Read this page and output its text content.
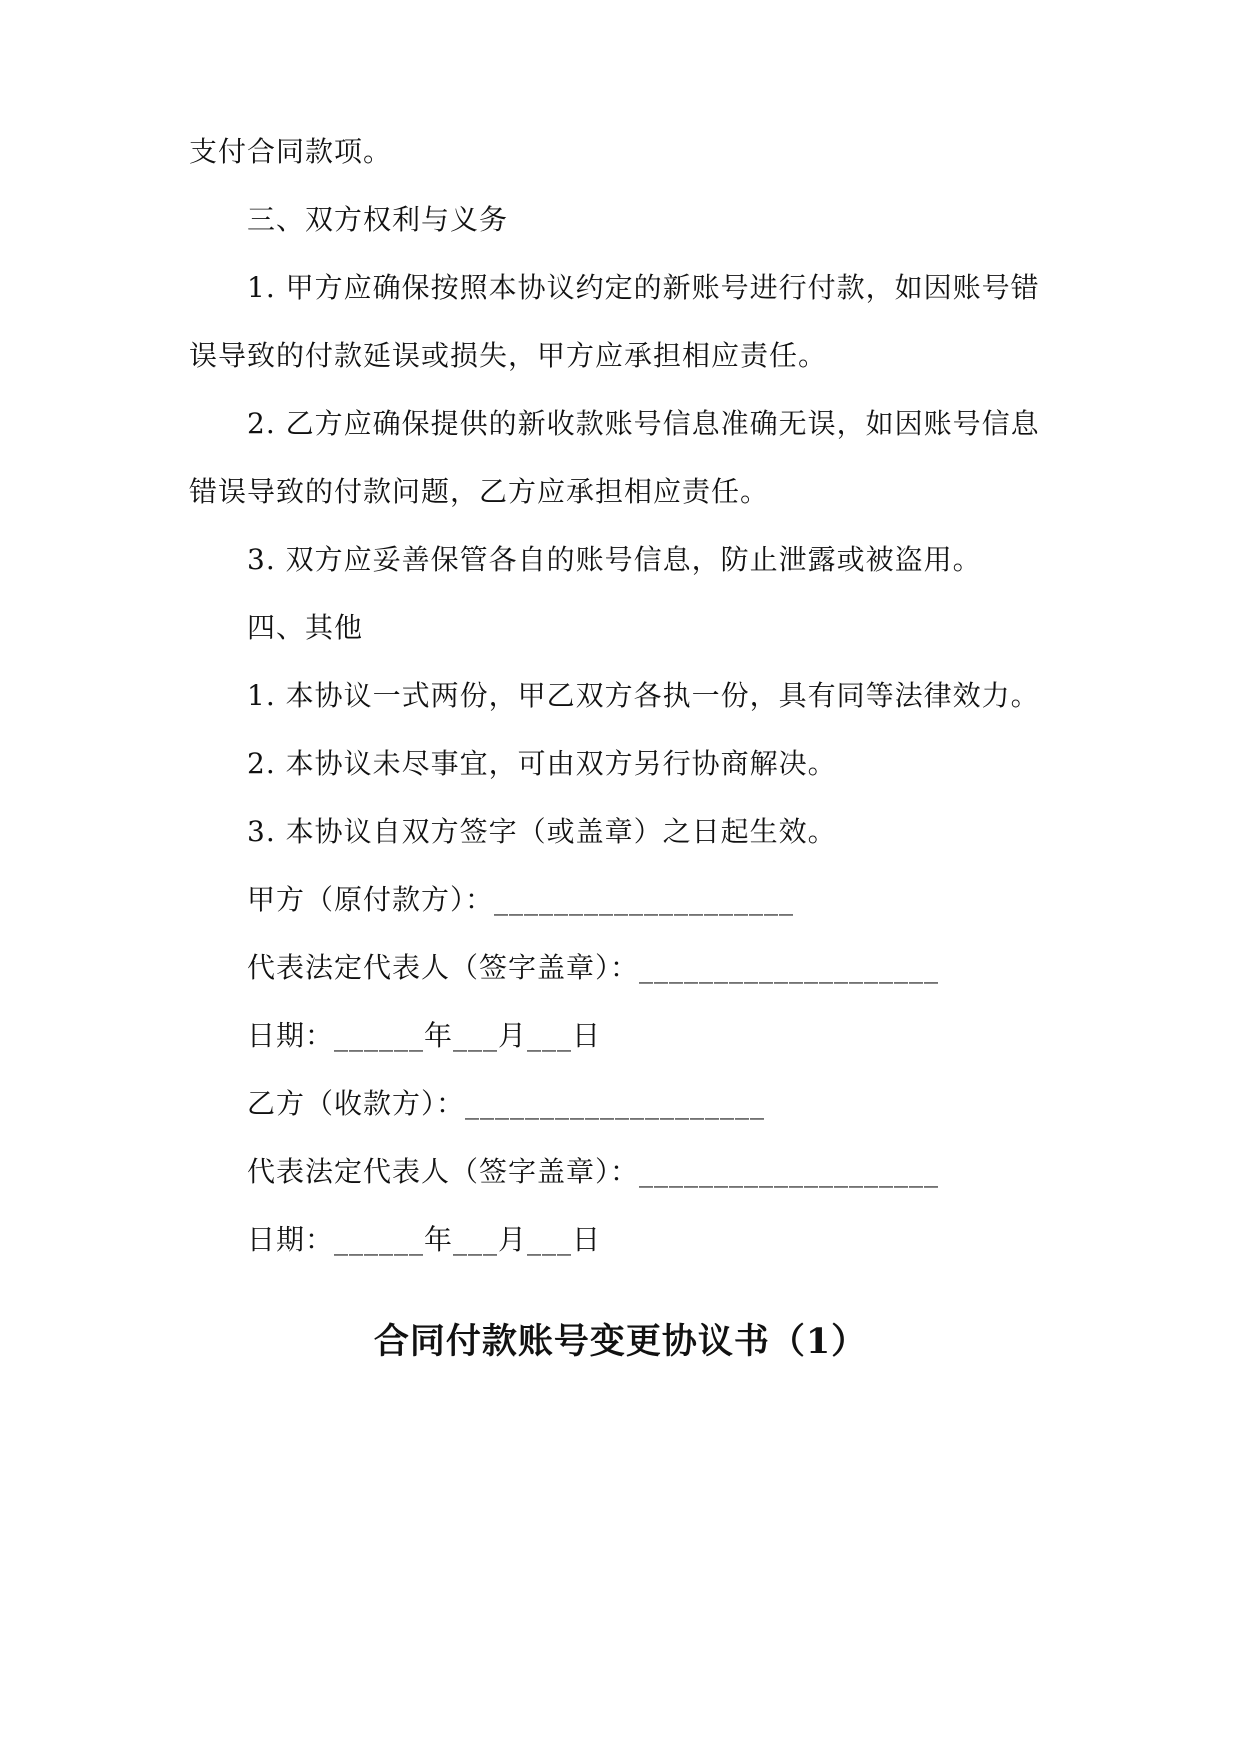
支付合同款项。
三、双方权利与义务
1. 甲方应确保按照本协议约定的新账号进行付款，如因账号错
误导致的付款延误或损失，甲方应承担相应责任。
2. 乙方应确保提供的新收款账号信息准确无误，如因账号信息
错误导致的付款问题，乙方应承担相应责任。
3. 双方应妥善保管各自的账号信息，防止泄露或被盗用。
四、其他
1. 本协议一式两份，甲乙双方各执一份，具有同等法律效力。
2. 本协议未尽事宜，可由双方另行协商解决。
3. 本协议自双方签字（或盖章）之日起生效。
甲方（原付款方）：____________________
代表法定代表人（签字盖章）：____________________
日期：______年___月___日
乙方（收款方）：____________________
代表法定代表人（签字盖章）：____________________
日期：______年___月___日
合同付款账号变更协议书（1）
